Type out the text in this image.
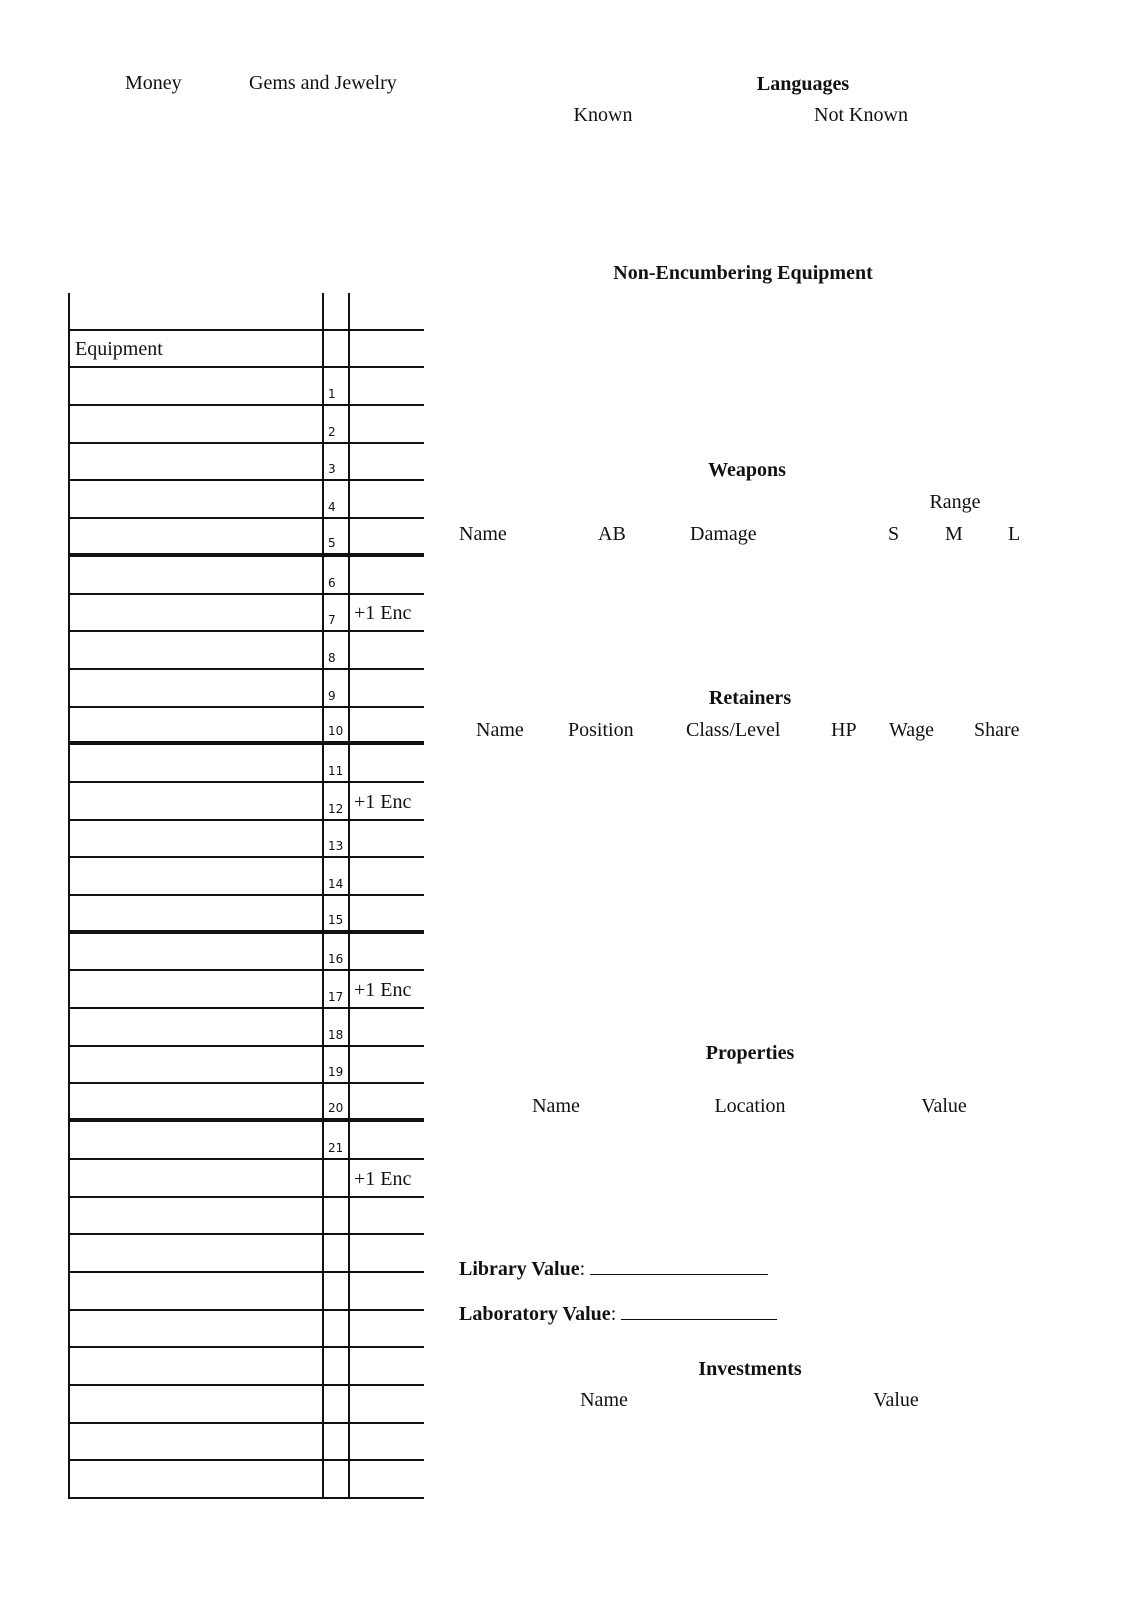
Money	Gems and Jewelry	Languages
Known	Not Known
Non-Encumbering Equipment
Equipment
1
2
3
4
5
6
7 +1 Enc
8
9
10
11
12 +1 Enc
13
14
15
16
17 +1 Enc
18
19
20
21
+1 Enc
Weapons
Range
Name	AB	Damage	S M L
Retainers
Name Position	Class/Level	HP Wage Share
Properties
Name	Location	Value
Library Value:
Laboratory Value:
Investments
Name	Value
